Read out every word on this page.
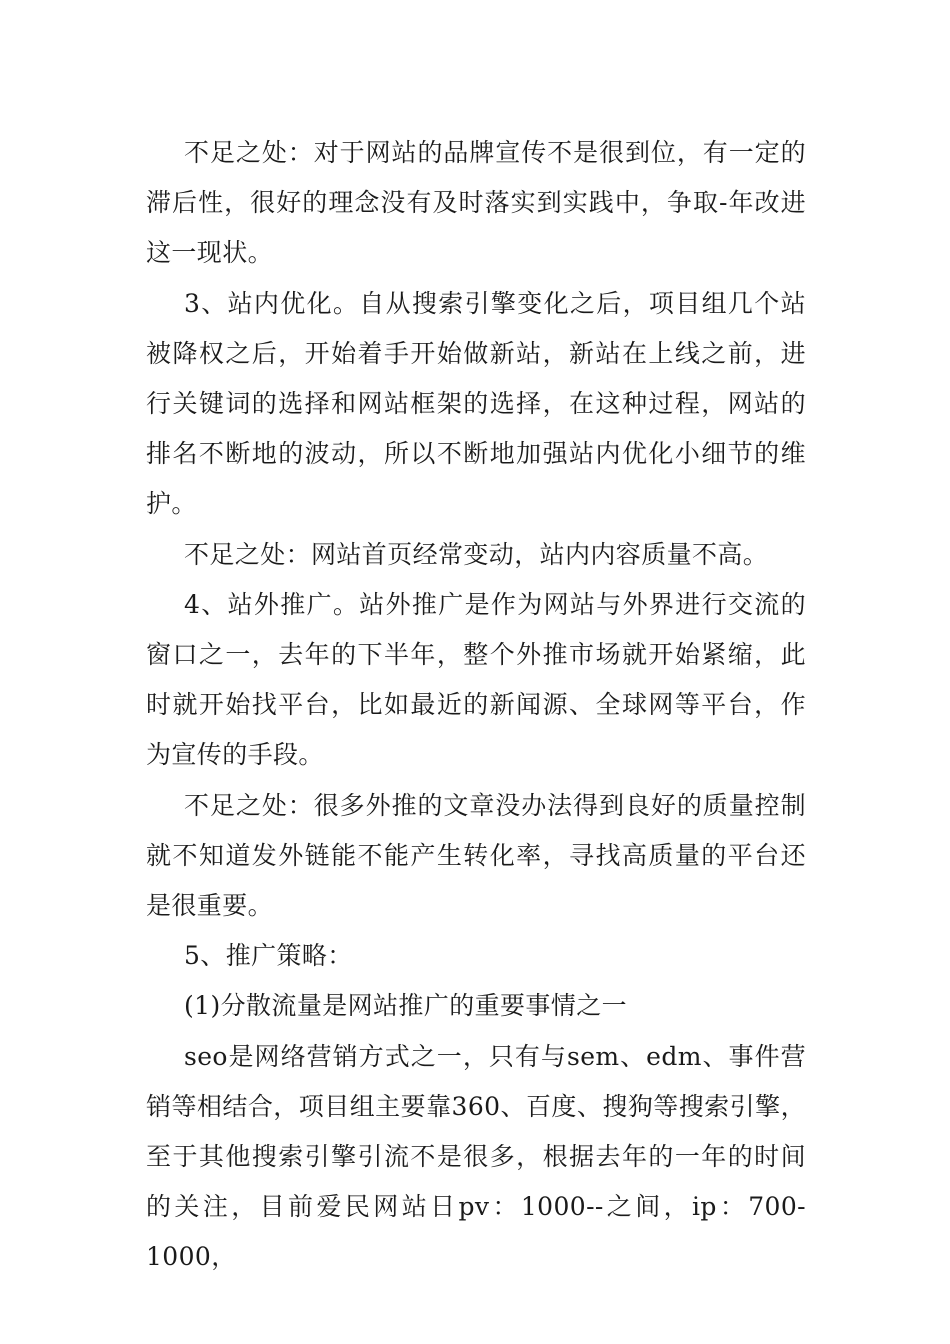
不足之处：对于网站的品牌宣传不是很到位，有一定的滞后性，很好的理念没有及时落实到实践中，争取-年改进这一现状。

3、站内优化。自从搜索引擎变化之后，项目组几个站被降权之后，开始着手开始做新站，新站在上线之前，进行关键词的选择和网站框架的选择，在这种过程，网站的排名不断地的波动，所以不断地加强站内优化小细节的维护。

不足之处：网站首页经常变动，站内内容质量不高。

4、站外推广。站外推广是作为网站与外界进行交流的窗口之一，去年的下半年，整个外推市场就开始紧缩，此时就开始找平台，比如最近的新闻源、全球网等平台，作为宣传的手段。

不足之处：很多外推的文章没办法得到良好的质量控制就不知道发外链能不能产生转化率，寻找高质量的平台还是很重要。

5、推广策略：

(1)分散流量是网站推广的重要事情之一

seo是网络营销方式之一，只有与sem、edm、事件营销等相结合，项目组主要靠360、百度、搜狗等搜索引擎，至于其他搜索引擎引流不是很多，根据去年的一年的时间的关注，目前爱民网站日pv：1000--之间，ip：700-1000，
